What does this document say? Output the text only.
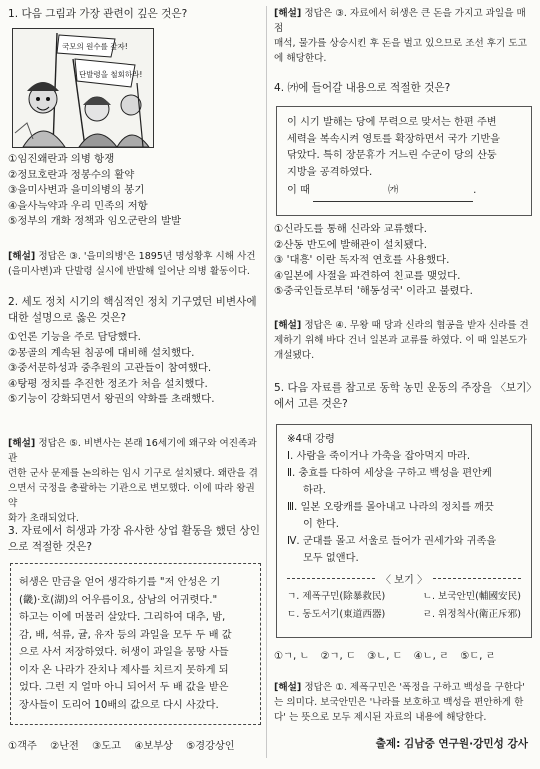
1. 다음 그림과 가장 관련이 깊은 것은?

국모의 원수를 갚자!
단발령을 철회하라!

①임진왜란과 의병 항쟁

②정묘호란과 정봉수의 활약

③을미사변과 을미의병의 봉기

④을사늑약과 우리 민족의 저항

⑤정부의 개화 정책과 임오군란의 발발

[해설] 정답은 ③. '을미의병'은 1895년 명성황후 시해 사건

(을미사변)과 단발령 실시에 반발해 일어난 의병 활동이다.

2. 세도 정치 시기의 핵심적인 정치 기구였던 비변사에

대한 설명으로 옳은 것은?

①언론 기능을 주로 담당했다.

②몽골의 계속된 침공에 대비해 설치했다.

③중서문하성과 중추원의 고관들이 참여했다.

④탕평 정치를 추진한 정조가 처음 설치했다.

⑤기능이 강화되면서 왕권의 약화를 초래했다.

[해설] 정답은 ⑤. 비변사는 본래 16세기에 왜구와 여진족과 관

련한 군사 문제를 논의하는 임시 기구로 설치됐다. 왜란을 겪

으면서 국정을 총괄하는 기관으로 변모했다. 이에 따라 왕권 약

화가 초래되었다.

3. 자료에서 허생과 가장 유사한 상업 활동을 했던 상인

으로 적절한 것은?

허생은 만금을 얻어 생각하기를 "저 안성은 기

(畿)·호(湖)의 어우름이요, 삼남의 어귀렷다."

하고는 이에 머물러 살았다. 그리하여 대추, 밤,

감, 배, 석류, 귤, 유자 등의 과일을 모두 두 배 값

으로 사서 저장하였다. 허생이 과일을 몽땅 사들

이자 온 나라가 잔치나 제사를 치르지 못하게 되

었다. 그런 지 얼마 아니 되어서 두 배 값을 받은

장사들이 도리어 10배의 값으로 다시 사갔다.

①객주 ②난전 ③도고 ④보부상 ⑤경강상인

[해설] 정답은 ③. 자료에서 허생은 큰 돈을 가지고 과일을 매점

매석, 물가를 상승시킨 후 돈을 벌고 있으므로 조선 후기 도고

에 해당한다.

4. ㈎에 들어갈 내용으로 적절한 것은?

이 시기 발해는 당에 무력으로 맞서는 한편 주변

세력을 복속시켜 영토를 확장하면서 국가 기반을

닦았다. 특히 장문휴가 거느린 수군이 당의 산둥

지방을 공격하였다.

이 때	㈎	.

①신라도를 통해 신라와 교류했다.

②산동 반도에 발해관이 설치됐다.

③ '대흥' 이란 독자적 연호를 사용했다.

④일본에 사절을 파견하여 친교를 맺었다.

⑤중국인들로부터 '해동성국' 이라고 불렸다.

[해설] 정답은 ④. 무왕 때 당과 신라의 협공을 받자 신라를 견

제하기 위해 바다 건너 일본과 교류를 하였다. 이 때 일본도가

개설됐다.

5. 다음 자료를 참고로 동학 농민 운동의 주장을 〈보기〉

에서 고른 것은?

※4대 강령

Ⅰ. 사람을 죽이거나 가축을 잡아먹지 마라.

Ⅱ. 충효를 다하여 세상을 구하고 백성을 편안케

하라.

Ⅲ. 일본 오랑캐를 몰아내고 나라의 정치를 깨끗

이 한다.

Ⅳ. 군대를 몰고 서울로 들어가 권세가와 귀족을

모두 없앤다.

〈 보기 〉
ㄱ. 제폭구민(除暴救民)	ㄴ. 보국안민(輔國安民)
ㄷ. 동도서기(東道西器)	ㄹ. 위정척사(衛正斥邪)
①ㄱ, ㄴ ②ㄱ, ㄷ ③ㄴ, ㄷ ④ㄴ, ㄹ ⑤ㄷ, ㄹ

[해설] 정답은 ①. 제폭구민은 '폭정을 구하고 백성을 구한다'

는 의미다. 보국안민은 '나라를 보호하고 백성을 편안하게 한

다' 는 뜻으로 모두 제시된 자료의 내용에 해당한다.

출제: 김남중 연구원·강민성 강사
